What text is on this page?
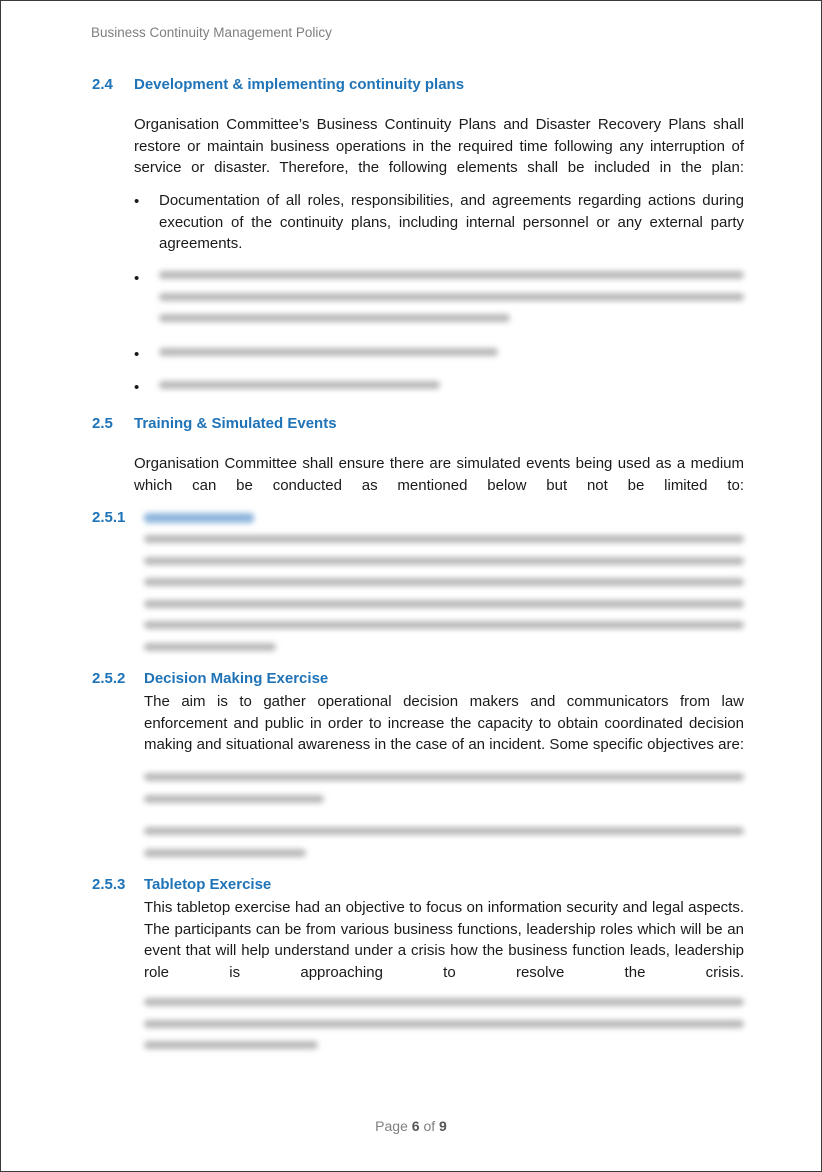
Business Continuity Management Policy
2.4 Development & implementing continuity plans
Organisation Committee’s Business Continuity Plans and Disaster Recovery Plans shall restore or maintain business operations in the required time following any interruption of service or disaster. Therefore, the following elements shall be included in the plan:
• Documentation of all roles, responsibilities, and agreements regarding actions during execution of the continuity plans, including internal personnel or any external party agreements.
•
•
•
2.5 Training & Simulated Events
Organisation Committee shall ensure there are simulated events being used as a medium which can be conducted as mentioned below but not be limited to:
2.5.1
2.5.2 Decision Making Exercise
The aim is to gather operational decision makers and communicators from law enforcement and public in order to increase the capacity to obtain coordinated decision making and situational awareness in the case of an incident. Some specific objectives are:
2.5.3 Tabletop Exercise
This tabletop exercise had an objective to focus on information security and legal aspects. The participants can be from various business functions, leadership roles which will be an event that will help understand under a crisis how the business function leads, leadership role is approaching to resolve the crisis.
Page 6 of 9
